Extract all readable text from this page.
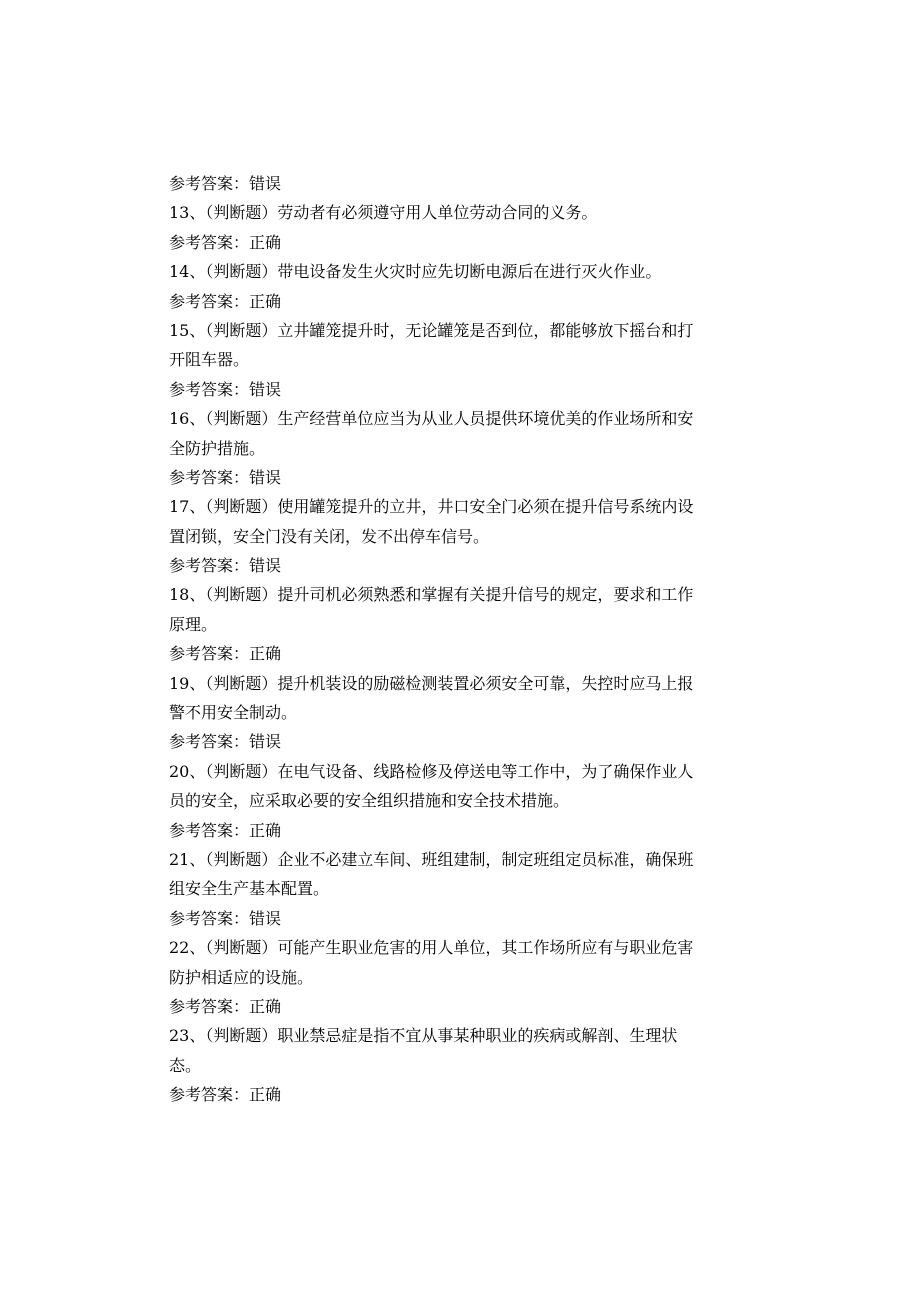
参考答案：错误
13、（判断题）劳动者有必须遵守用人单位劳动合同的义务。
参考答案：正确
14、（判断题）带电设备发生火灾时应先切断电源后在进行灭火作业。
参考答案：正确
15、（判断题）立井罐笼提升时，无论罐笼是否到位，都能够放下摇台和打
开阻车器。
参考答案：错误
16、（判断题）生产经营单位应当为从业人员提供环境优美的作业场所和安
全防护措施。
参考答案：错误
17、（判断题）使用罐笼提升的立井，井口安全门必须在提升信号系统内设
置闭锁，安全门没有关闭，发不出停车信号。
参考答案：错误
18、（判断题）提升司机必须熟悉和掌握有关提升信号的规定，要求和工作
原理。
参考答案：正确
19、（判断题）提升机装设的励磁检测装置必须安全可靠，失控时应马上报
警不用安全制动。
参考答案：错误
20、（判断题）在电气设备、线路检修及停送电等工作中，为了确保作业人
员的安全，应采取必要的安全组织措施和安全技术措施。
参考答案：正确
21、（判断题）企业不必建立车间、班组建制，制定班组定员标准，确保班
组安全生产基本配置。
参考答案：错误
22、（判断题）可能产生职业危害的用人单位，其工作场所应有与职业危害
防护相适应的设施。
参考答案：正确
23、（判断题）职业禁忌症是指不宜从事某种职业的疾病或解剖、生理状
态。
参考答案：正确
